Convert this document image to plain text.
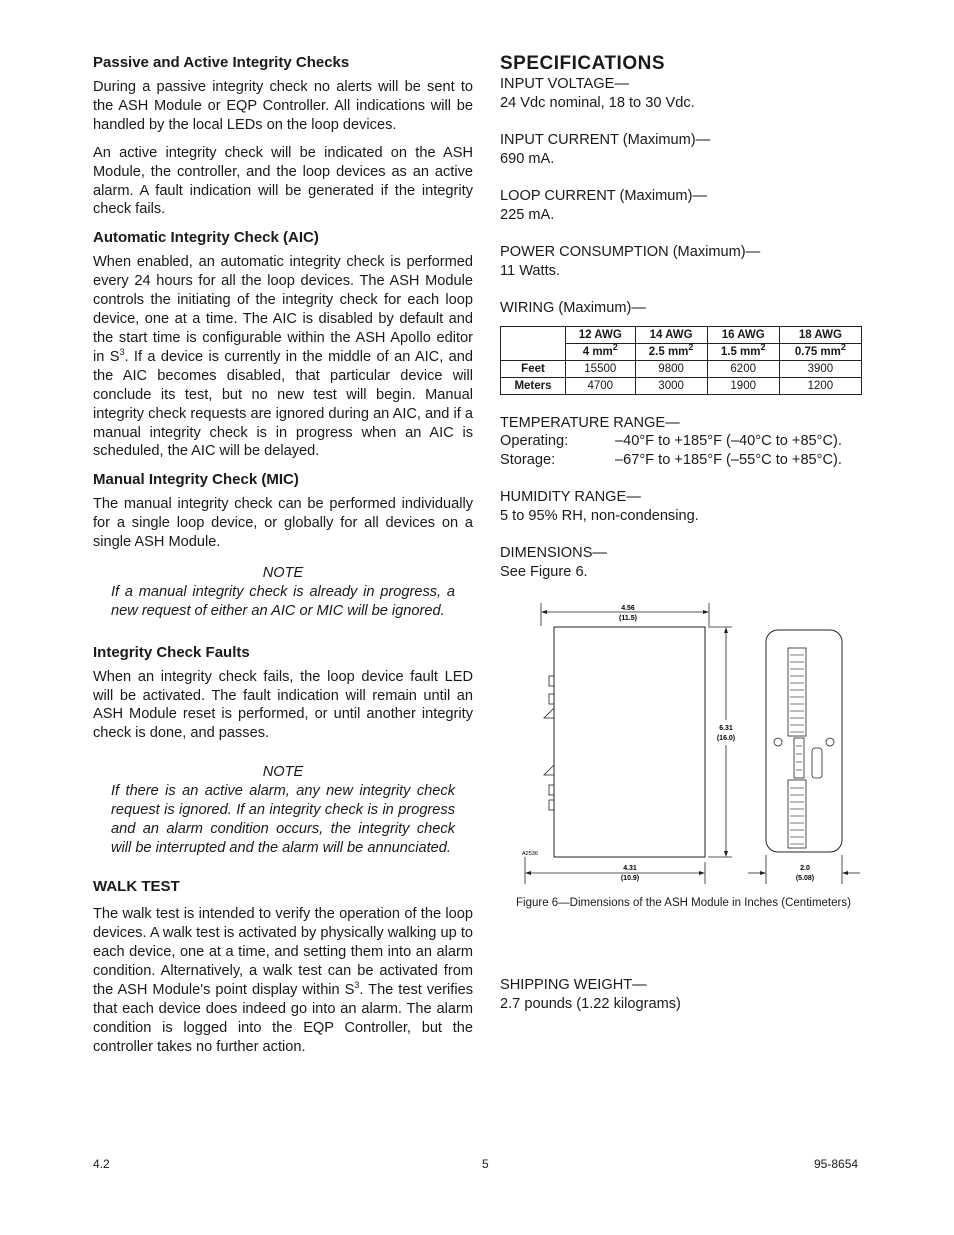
Passive and Active Integrity Checks

During a passive integrity check no alerts will be sent to the ASH Module or EQP Controller. All indications will be handled by the local LEDs on the loop devices.

An active integrity check will be indicated on the ASH Module, the controller, and the loop devices as an active alarm. A fault indication will be generated if the integrity check fails.

Automatic Integrity Check (AIC)

When enabled, an automatic integrity check is performed every 24 hours for all the loop devices. The ASH Module controls the initiating of the integrity check for each loop device, one at a time. The AIC is disabled by default and the start time is configurable within the ASH Apollo editor in $S^3$. If a device is currently in the middle of an AIC, and the AIC becomes disabled, that particular device will conclude its test, but no new test will begin. Manual integrity check requests are ignored during an AIC, and if a manual integrity check is in progress when an AIC is scheduled, the AIC will be delayed.

Manual Integrity Check (MIC)

The manual integrity check can be performed individually for a single loop device, or globally for all devices on a single ASH Module.

NOTE
If a manual integrity check is already in progress, a new request of either an AIC or MIC will be ignored.
Integrity Check Faults

When an integrity check fails, the loop device fault LED will be activated. The fault indication will remain until an ASH Module reset is performed, or until another integrity check is done, and passes.

NOTE
If there is an active alarm, any new integrity check request is ignored. If an integrity check is in progress and an alarm condition occurs, the integrity check will be interrupted and the alarm will be annunciated.
WALK TEST

The walk test is intended to verify the operation of the loop devices. A walk test is activated by physically walking up to each device, one at a time, and setting them into an alarm condition. Alternatively, a walk test can be activated from the ASH Module's point display within $S^3$. The test verifies that each device does indeed go into an alarm. The alarm condition is logged into the EQP Controller, but the controller takes no further action.

SPECIFICATIONS
INPUT VOLTAGE—
24 Vdc nominal, 18 to 30 Vdc.
INPUT CURRENT (Maximum)—
690 mA.
LOOP CURRENT (Maximum)—
225 mA.
POWER CONSUMPTION (Maximum)—
11 Watts.
WIRING (Maximum)—
	12 AWG	14 AWG	16 AWG	18 AWG
	4 $mm^2$	2.5 $mm^2$	1.5 $mm^2$	0.75 $mm^2$
Feet	15500	9800	6200	3900
Meters	4700	3000	1900	1200
TEMPERATURE RANGE—
Operating:	–40°F to +185°F (–40°C to +85°C).
Storage:	–67°F to +185°F (–55°C to +85°C).
HUMIDITY RANGE—
5 to 95% RH, non-condensing.
DIMENSIONS—
See Figure 6.
4.56
(11.5)
6.31
(16.0)
4.31
(10.9)
A2536
2.0
(5.08)
Figure 6—Dimensions of the ASH Module in Inches (Centimeters)
SHIPPING WEIGHT—
2.7 pounds (1.22 kilograms)
4.2	5	95-8654
